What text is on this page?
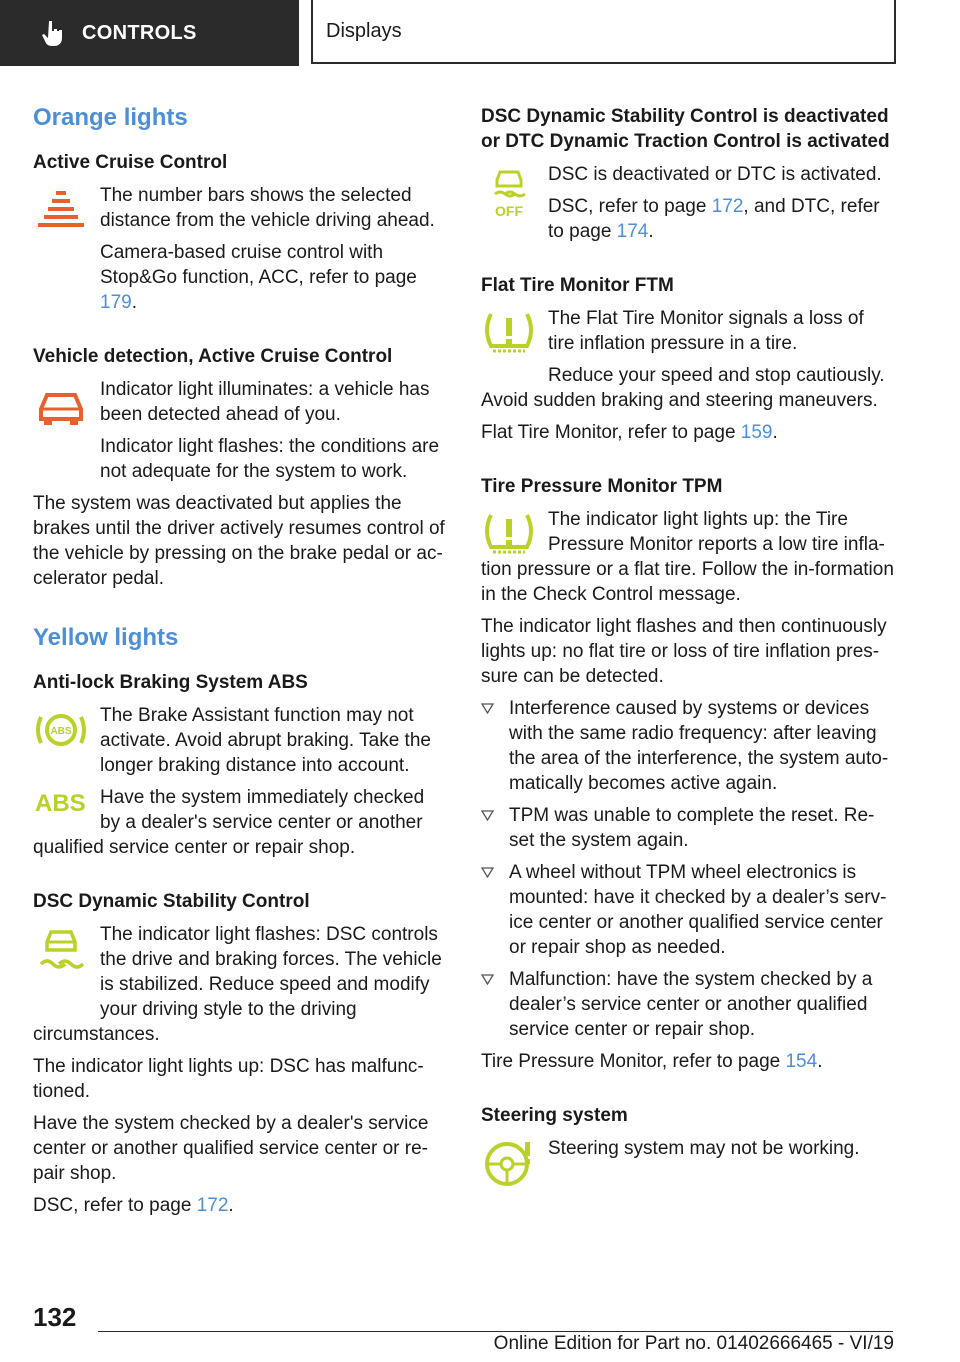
CONTROLS	Displays
Orange lights
Active Cruise Control

The number bars shows the selected distance from the vehicle driving ahead.

Camera-based cruise control with Stop&Go function, ACC, refer to page 179.

Vehicle detection, Active Cruise Control

Indicator light illuminates: a vehicle has been detected ahead of you.

Indicator light flashes: the conditions are not adequate for the system to work.

The system was deactivated but applies the brakes until the driver actively resumes control of the vehicle by pressing on the brake pedal or ac-celerator pedal.

Yellow lights
Anti-lock Braking System ABS
ABS

The Brake Assistant function may not activate. Avoid abrupt braking. Take the longer braking distance into account.

ABS Have the system immediately checked by a dealer's service center or another qualified service center or repair shop.

DSC Dynamic Stability Control

The indicator light flashes: DSC controls the drive and braking forces. The vehicle is stabilized. Reduce speed and modify your driving style to the driving circumstances.

The indicator light lights up: DSC has malfunc-tioned.

Have the system checked by a dealer's service center or another qualified service center or re-pair shop.

DSC, refer to page 172.

DSC Dynamic Stability Control is deactivated or DTC Dynamic Traction Control is activated
OFF

DSC is deactivated or DTC is activated.

DSC, refer to page 172, and DTC, refer to page 174.

Flat Tire Monitor FTM

The Flat Tire Monitor signals a loss of tire inflation pressure in a tire.

Reduce your speed and stop cautiously. Avoid sudden braking and steering maneuvers.

Flat Tire Monitor, refer to page 159.

Tire Pressure Monitor TPM

The indicator light lights up: the Tire Pressure Monitor reports a low tire infla-tion pressure or a flat tire. Follow the in-formation in the Check Control message.

The indicator light flashes and then continuously lights up: no flat tire or loss of tire inflation pres-sure can be detected.

Interference caused by systems or devices with the same radio frequency: after leaving the area of the interference, the system auto-matically becomes active again.
TPM was unable to complete the reset. Re-set the system again.
A wheel without TPM wheel electronics is mounted: have it checked by a dealer’s serv-ice center or another qualified service center or repair shop as needed.
Malfunction: have the system checked by a dealer’s service center or another qualified service center or repair shop.

Tire Pressure Monitor, refer to page 154.

Steering system

Steering system may not be working.

132
Online Edition for Part no. 01402666465 - VI/19
